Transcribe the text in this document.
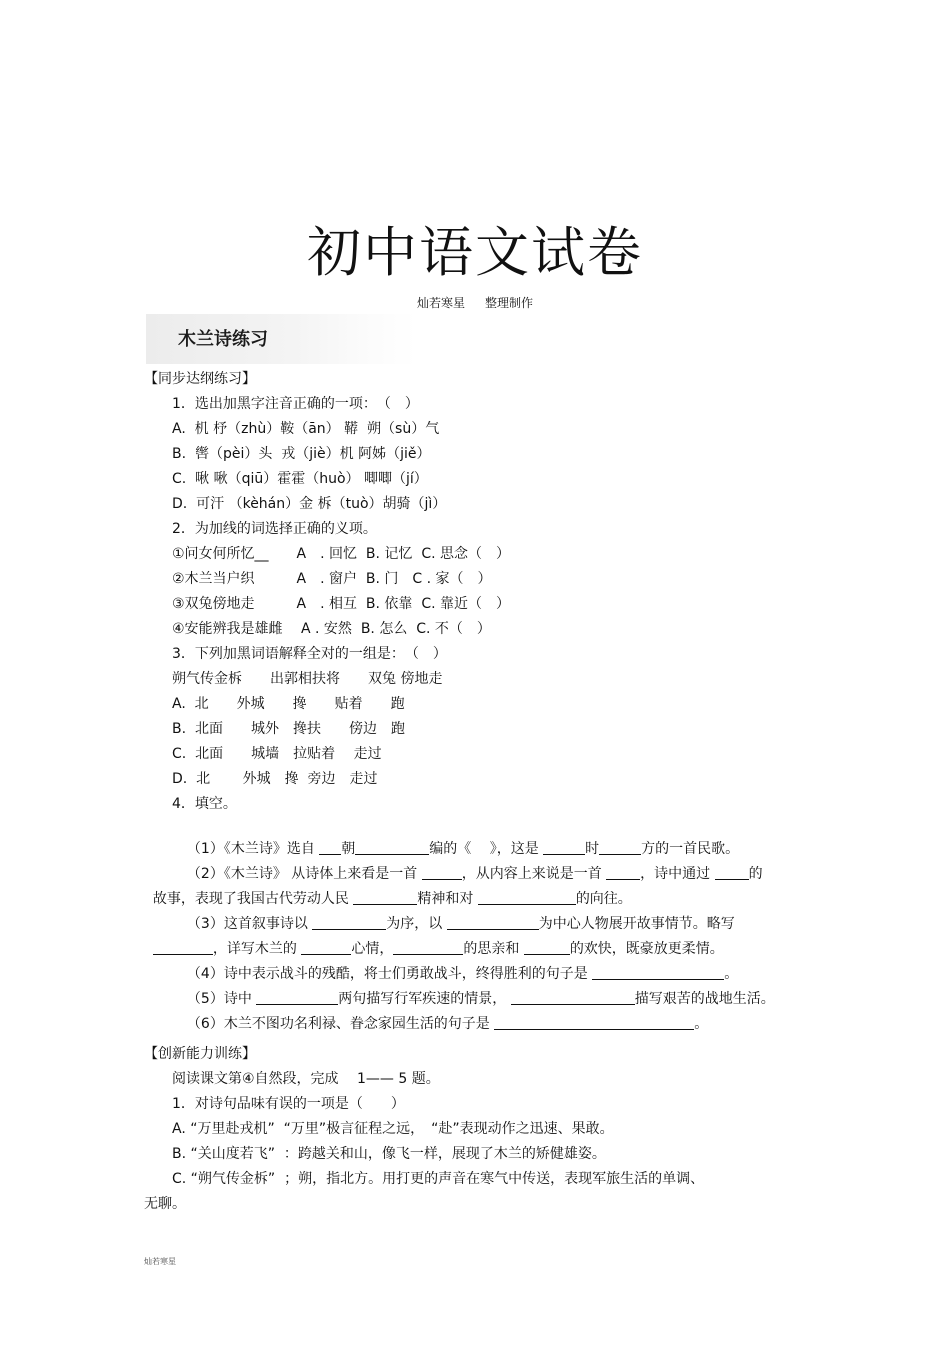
初中语文试卷
灿若寒星 整理制作
木兰诗练习
【同步达纲练习】
1．选出加黑字注音正确的一项：　（　）
A.  机 杼（zhù）鞍（ān） 鞯  朔（sù）气
B.  辔（pèi）头  戎（jiè）机 阿姊（jiě）
C.  啾 啾（qiū）霍霍（huò） 唧唧（jí）
D.  可汗 （kèhán）金 柝（tuò）胡骑（jì）
2．为加线的词选择正确的义项。
①问女何所忆__　　A　. 回忆  B. 记忆  C. 思念（　）
②木兰当户织　　　A　. 窗户  B. 门　C . 家（　）
③双兔傍地走　　　A　. 相互  B. 依靠  C. 靠近（　）
④安能辨我是雄雌　 A . 安然  B. 怎么  C. 不（　）
3．下列加黑词语解释全对的一组是：　（　）
朔气传金柝　　出郭相扶将　　双兔 傍地走
A.  北　　外城　　搀　　贴着　　跑
B.  北面　　城外　搀扶　　傍边　跑
C.  北面　　城墙　拉贴着　 走过
D.  北　　 外城　搀  旁边　走过
4．填空。

（1）《木兰诗》选自 朝	编的《　 》，这是	时	方的一首民歌。

（2）《木兰诗》 从诗体上来看是一首	，从内容上来说是一首 ，诗中通过 的

故事，表现了我国古代劳动人民	精神和对	的向往。

（3）这首叙事诗以	为序，以	为中心人物展开故事情节。略写

，详写木兰的	心情，	的思亲和	的欢快，既豪放更柔情。

（4）诗中表示战斗的残酷，将士们勇敢战斗，终得胜利的句子是	。

（5）诗中	两句描写行军疾速的情景，	描写艰苦的战地生活。

（6）木兰不图功名利禄、眷念家园生活的句子是	。

【创新能力训练】
阅读课文第④自然段，完成　 1—— 5 题。
1．对诗句品味有误的一项是（　　）
A. “万里赴戎机”  “万里”极言征程之远，　“赴”表现动作之迅速、果敢。
B. “关山度若飞”  ：跨越关和山，像飞一样，展现了木兰的矫健雄姿。
C. “朔气传金柝”  ；朔，指北方。用打更的声音在寒气中传送，表现军旅生活的单调、
无聊。
灿若寒星
